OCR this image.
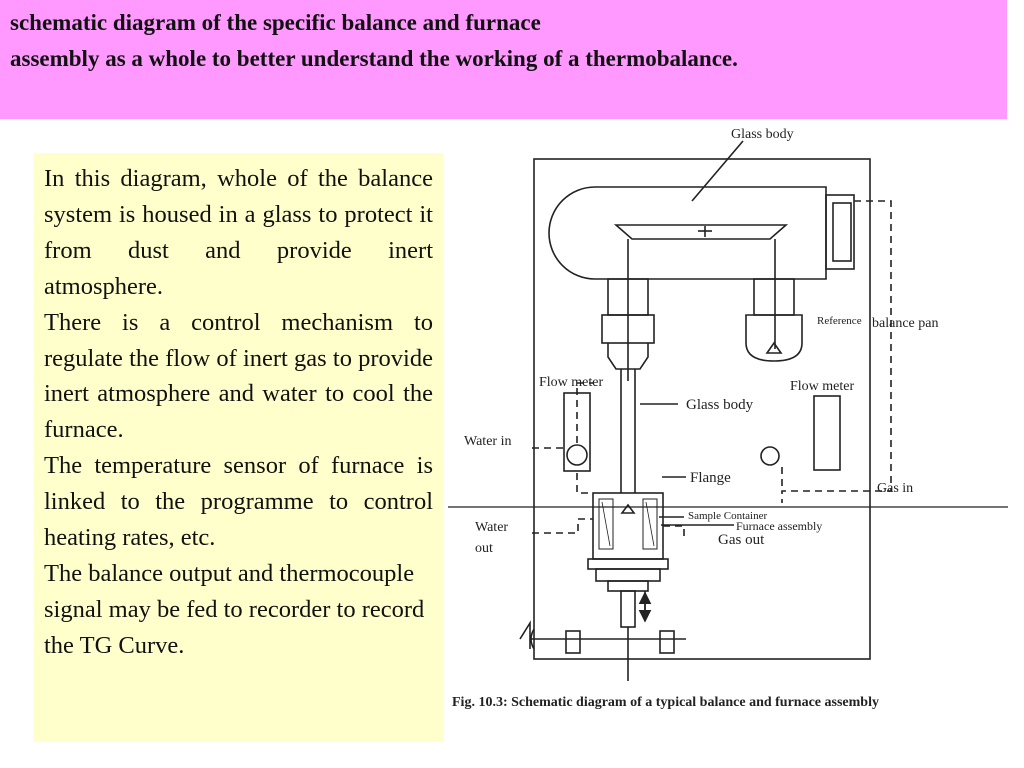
schematic diagram of the specific balance and furnace
assembly as a whole to better understand the working of a thermobalance.

In this diagram, whole of the balance system is housed in a glass to protect it from dust and provide inert atmosphere.

There is a control mechanism to regulate the flow of inert gas to provide inert atmosphere and water to cool the furnace.

The temperature sensor of furnace is linked to the programme to control heating rates, etc.

The balance output and thermocouple signal may be fed to recorder to record the TG Curve.

Glass body
Reference balance pan
Flow meter	Flow meter
Glass body
Water in
Flange
Gas in
Sample Container
Furnace assembly
Water
out
Gas out
Fig. 10.3: Schematic diagram of a typical balance and furnace assembly
